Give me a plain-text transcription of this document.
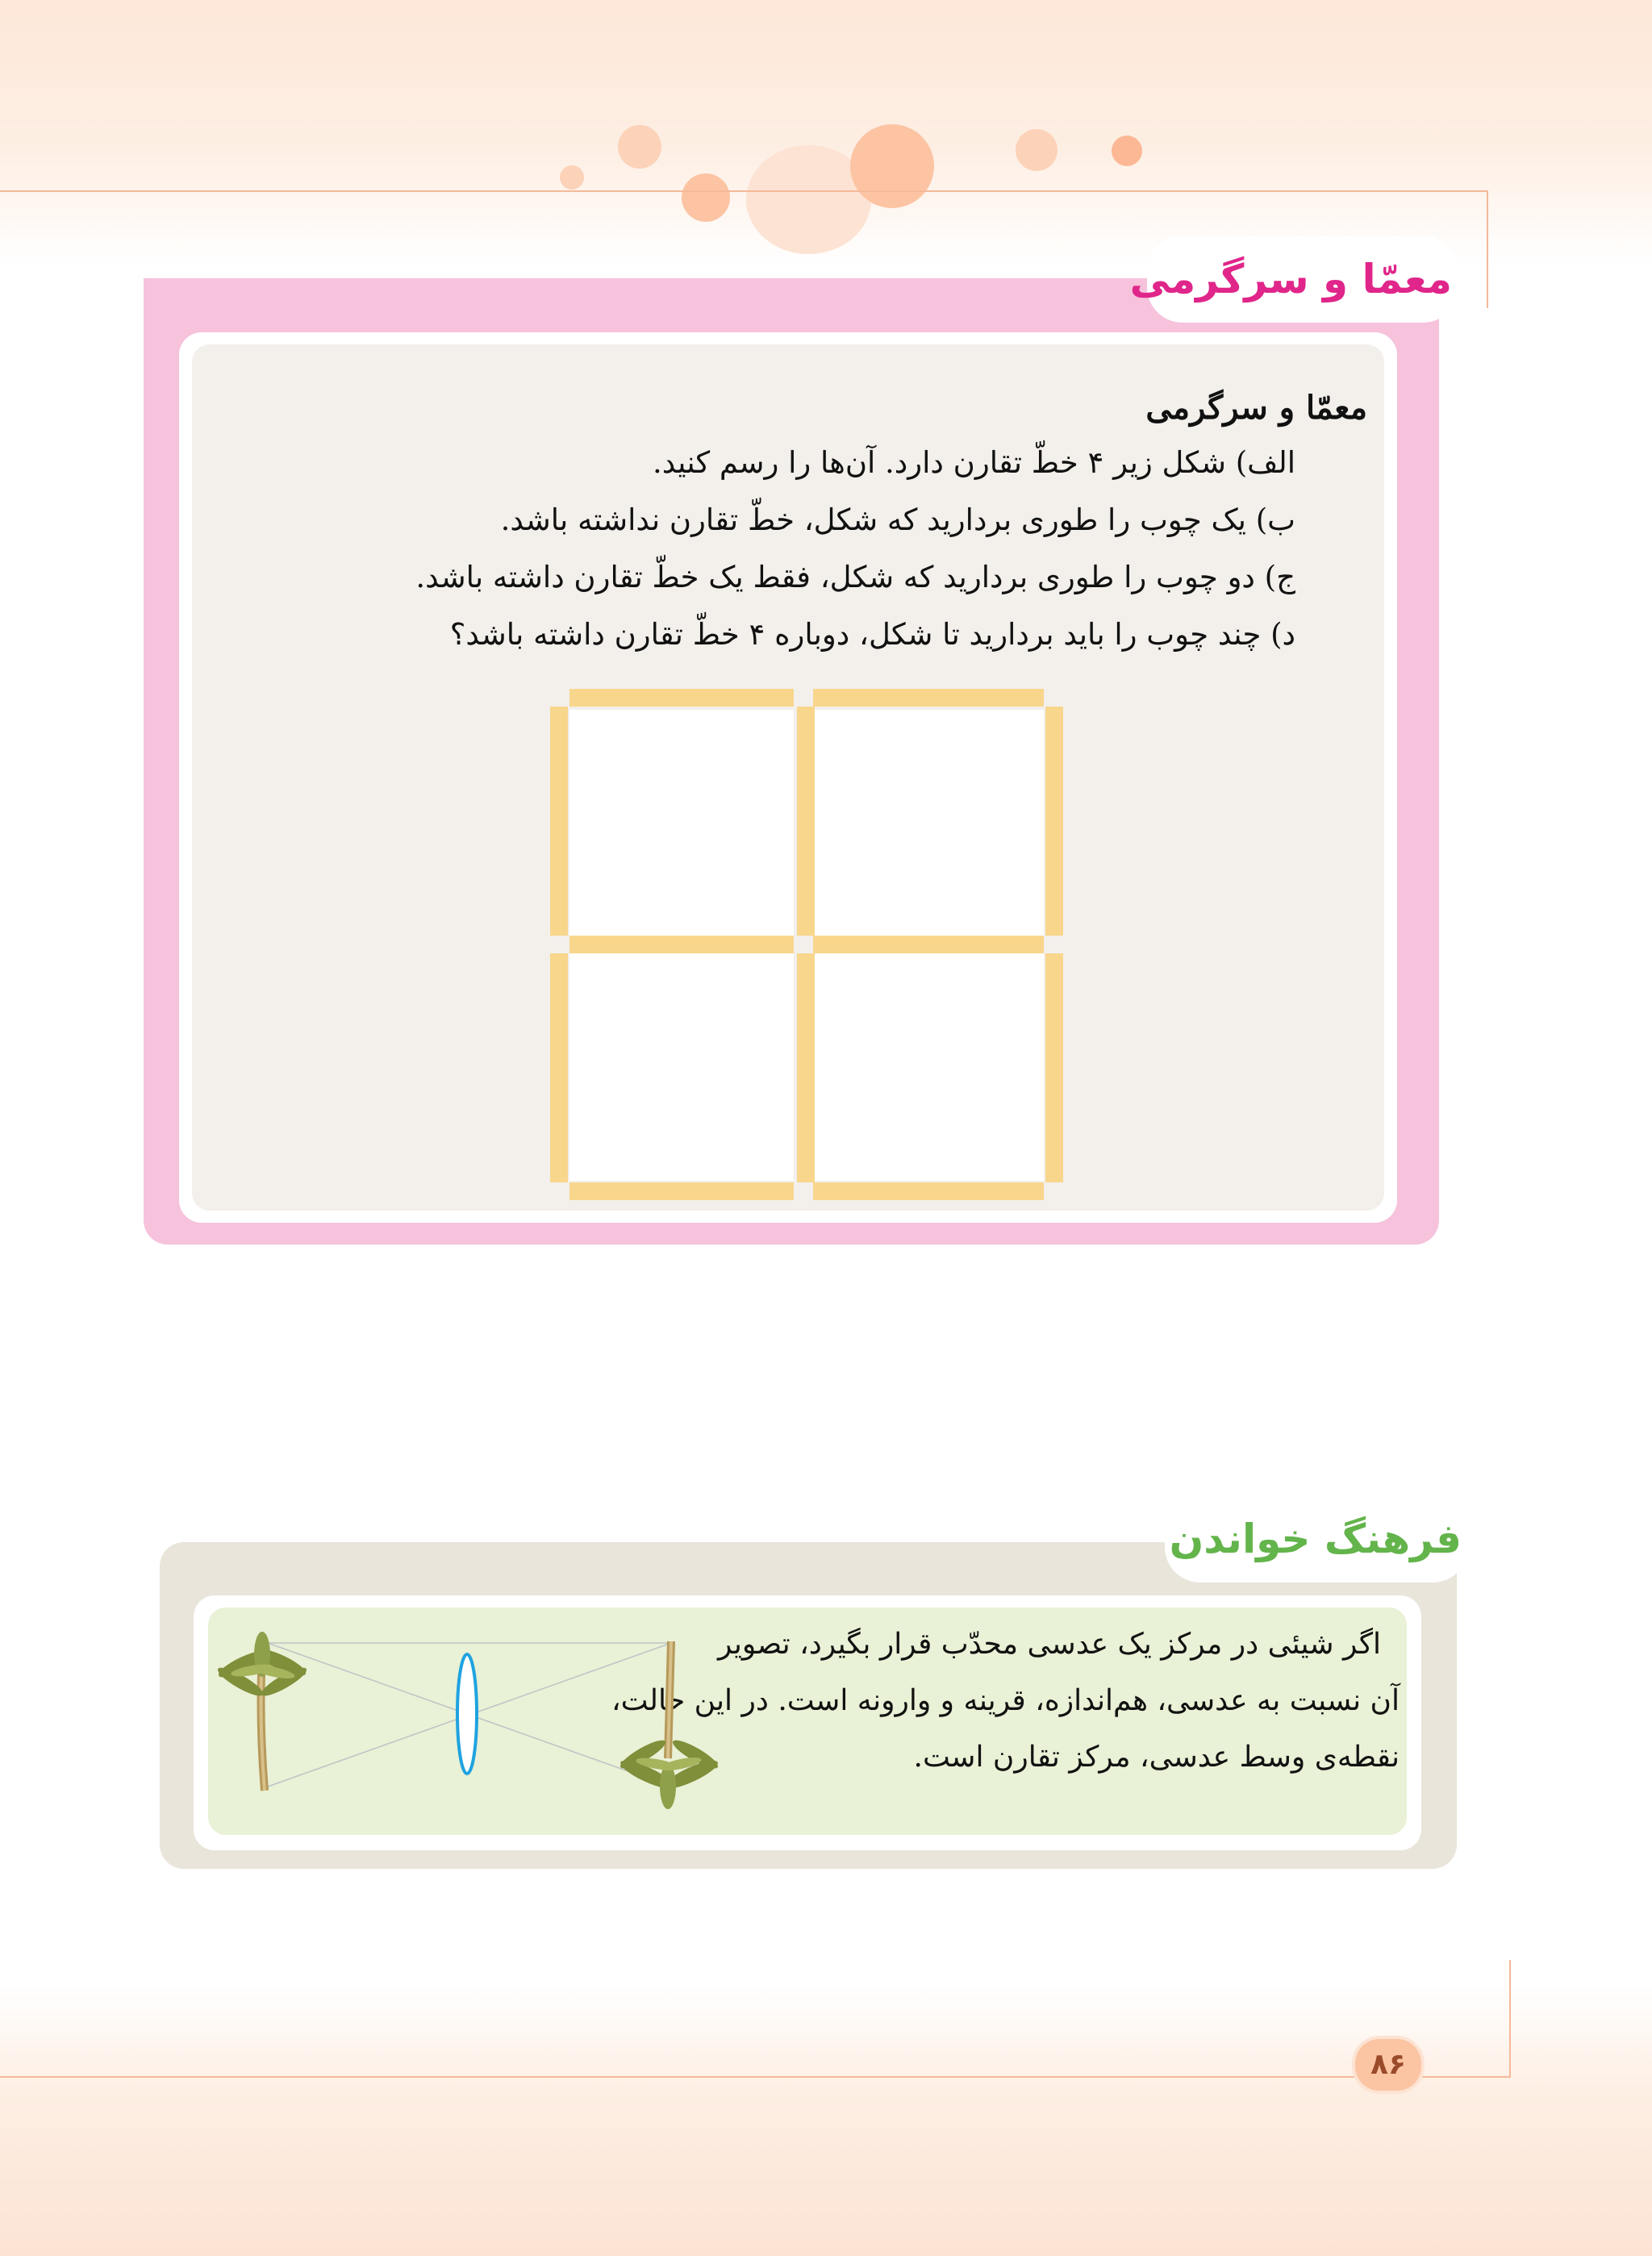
معمّا و سرگرمی
معمّا و سرگرمی
الف) شکل زیر ۴ خطّ تقارن دارد. آن‌ها را رسم کنید.
ب) یک چوب را طوری بردارید که شکل، خطّ تقارن نداشته باشد.
ج) دو چوب را طوری بردارید که شکل، فقط یک خطّ تقارن داشته باشد.
د) چند چوب را باید بردارید تا شکل، دوباره ۴ خطّ تقارن داشته باشد؟
فرهنگ خواندن
اگر شیئی در مرکز یک عدسی محدّب قرار بگیرد، تصویر
آن نسبت به عدسی، هم‌اندازه، قرینه و وارونه است. در این حالت،
نقطه‌ی وسط عدسی، مرکز تقارن است.
۸۶
